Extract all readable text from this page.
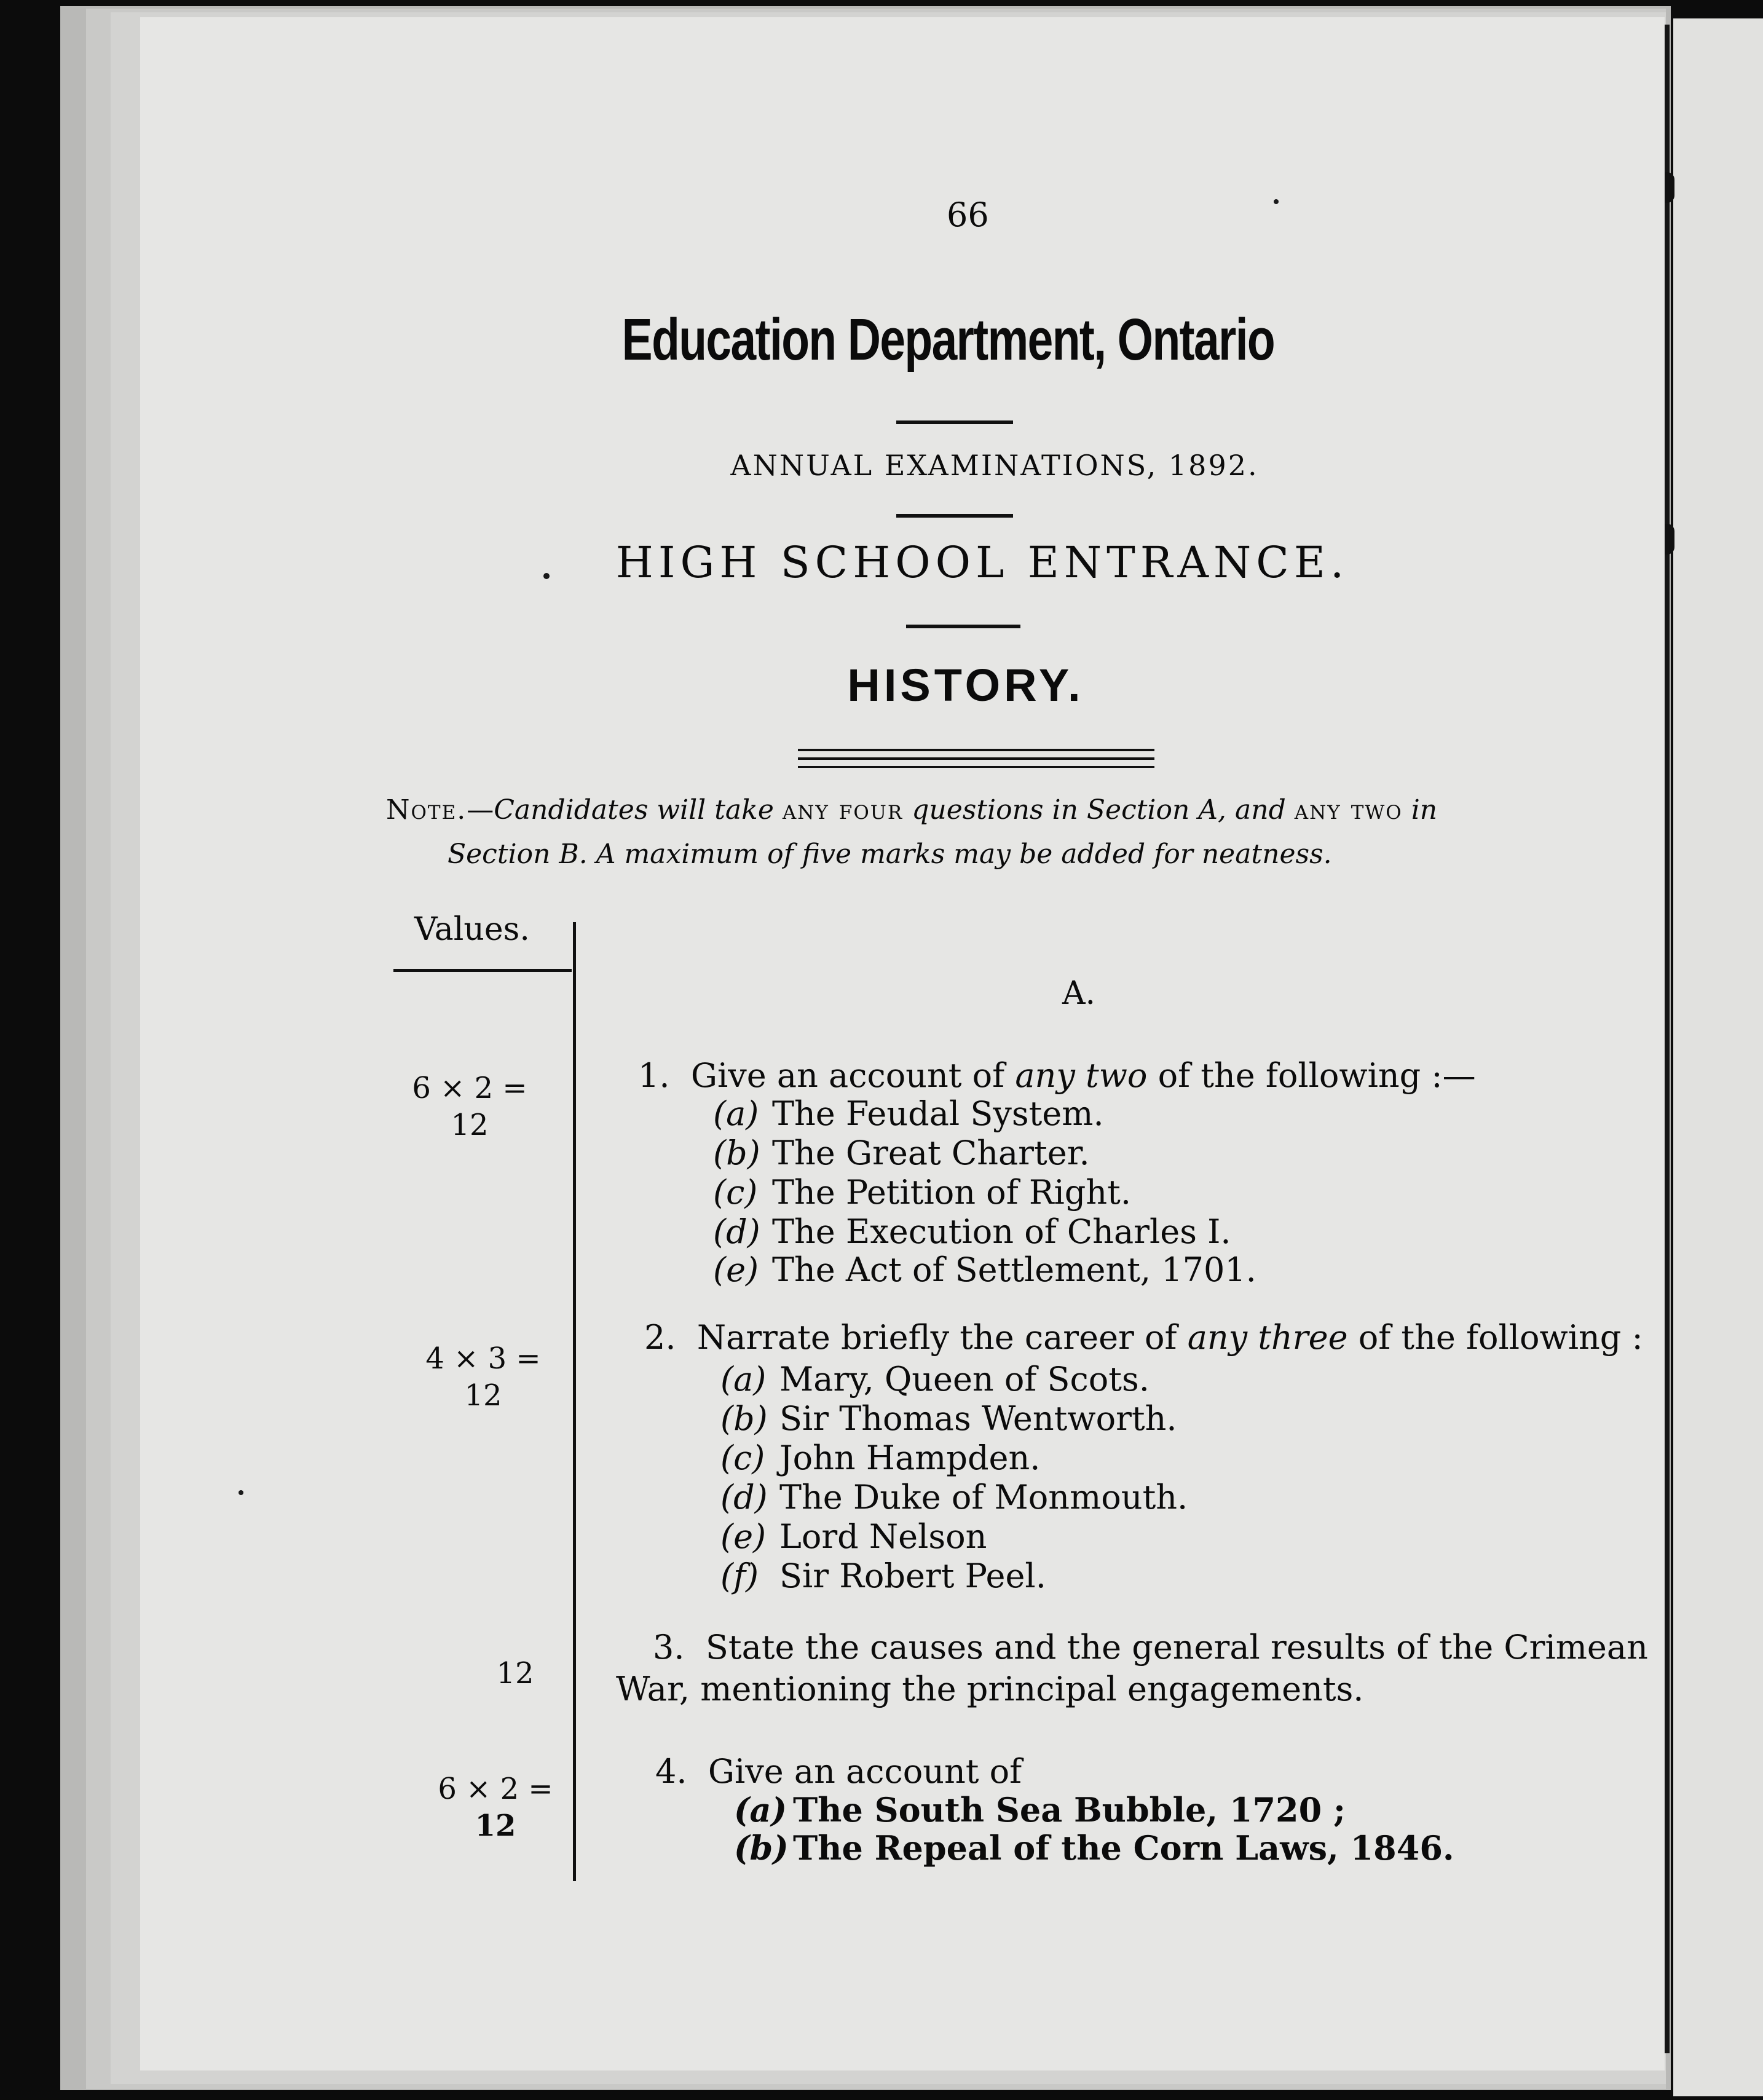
66
Education Department, Ontario
ANNUAL EXAMINATIONS, 1892.
HIGH SCHOOL ENTRANCE.
HISTORY.
Note.—Candidates will take any four questions in Section A, and any two in
Section B. A maximum of five marks may be added for neatness.
Values.
A.
6 × 2 =
12
1. Give an account of any two of the following :—
(a) The Feudal System.
(b) The Great Charter.
(c) The Petition of Right.
(d) The Execution of Charles I.
(e) The Act of Settlement, 1701.
4 × 3 =
12
2. Narrate briefly the career of any three of the following :
(a) Mary, Queen of Scots.
(b) Sir Thomas Wentworth.
(c) John Hampden.
(d) The Duke of Monmouth.
(e) Lord Nelson
(f) Sir Robert Peel.
12
3. State the causes and the general results of the Crimean
War, mentioning the principal engagements.
6 × 2 =
12
4. Give an account of
(a) The South Sea Bubble, 1720 ;
(b) The Repeal of the Corn Laws, 1846.
